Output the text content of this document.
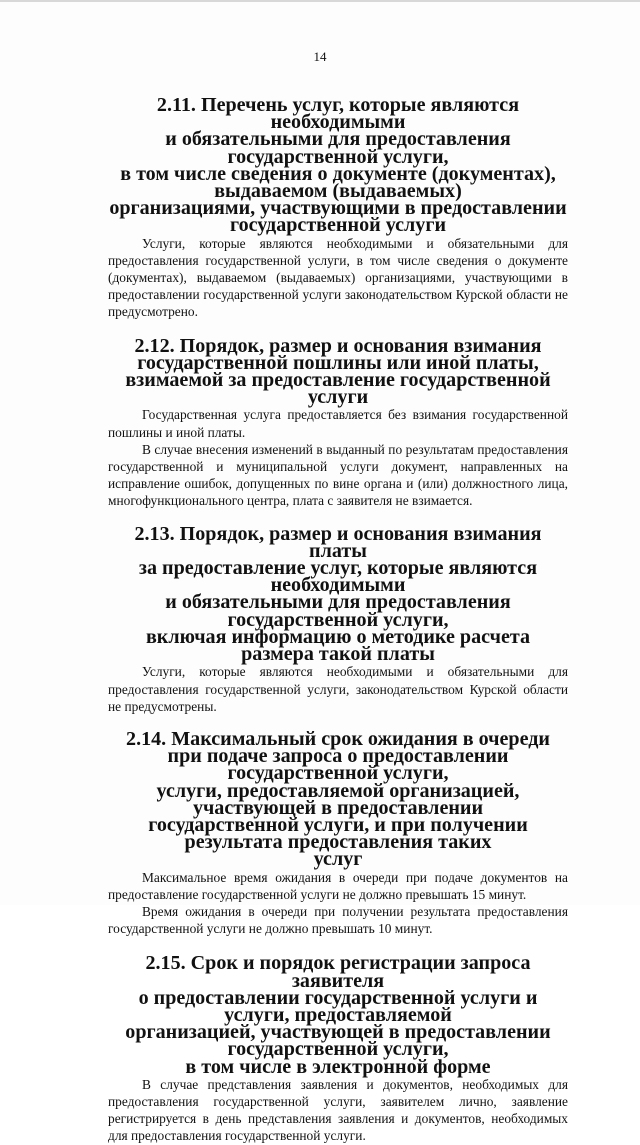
14
2.11. Перечень услуг, которые являются необходимыми
и обязательными для предоставления государственной услуги,
в том числе сведения о документе (документах), выдаваемом (выдаваемых)
организациями, участвующими в предоставлении государственной услуги

Услуги, которые являются необходимыми и обязательными для предоставления государственной услуги, в том числе сведения о документе (документах), выдаваемом (выдаваемых) организациями, участвующими в предоставлении государственной услуги законодательством Курской области не предусмотрено.

2.12. Порядок, размер и основания взимания
государственной пошлины или иной платы,
взимаемой за предоставление государственной услуги

Государственная услуга предоставляется без взимания государственной пошлины и иной платы.

В случае внесения изменений в выданный по результатам предоставления государственной и муниципальной услуги документ, направленных на исправление ошибок, допущенных по вине органа и (или) должностного лица, многофункционального центра, плата с заявителя не взимается.

2.13. Порядок, размер и основания взимания платы
за предоставление услуг, которые являются необходимыми
и обязательными для предоставления государственной услуги,
включая информацию о методике расчета размера такой платы

Услуги, которые являются необходимыми и обязательными для предоставления государственной услуги, законодательством Курской области не предусмотрены.

2.14. Максимальный срок ожидания в очереди
при подаче запроса о предоставлении государственной услуги,
услуги, предоставляемой организацией, участвующей в предоставлении
государственной услуги, и при получении результата предоставления таких
услуг

Максимальное время ожидания в очереди при подаче документов на предоставление государственной услуги не должно превышать 15 минут.

Время ожидания в очереди при получении результата предоставления государственной услуги не должно превышать 10 минут.

2.15. Срок и порядок регистрации запроса заявителя
о предоставлении государственной услуги и услуги, предоставляемой
организацией, участвующей в предоставлении государственной услуги,
в том числе в электронной форме

В случае представления заявления и документов, необходимых для предоставления государственной услуги, заявителем лично, заявление регистрируется в день представления заявления и документов, необходимых для предоставления государственной услуги.
